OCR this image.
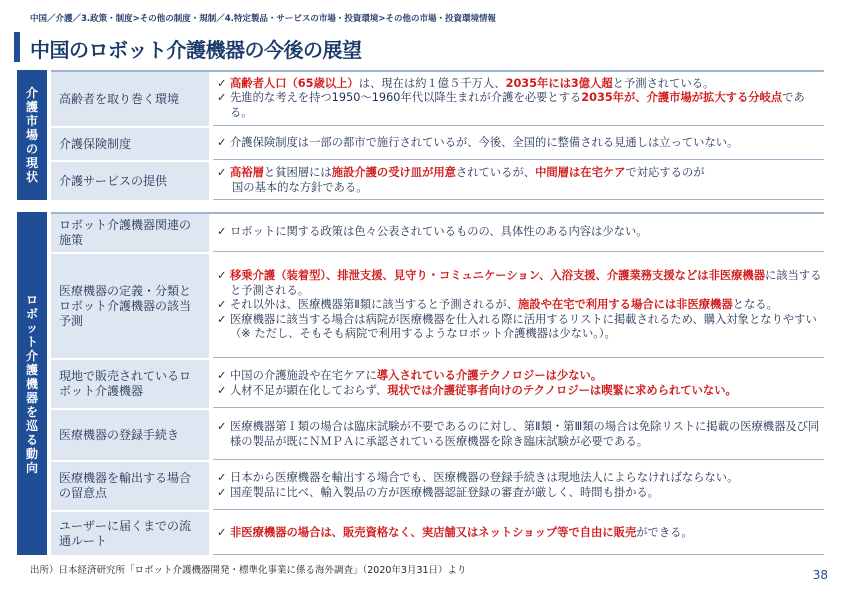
中国／介護／3.政策・制度>その他の制度・規制／4.特定製品・サービスの市場・投資環境>その他の市場・投資環境情報
中国のロボット介護機器の今後の展望
介護市場の現状
高齢者を取り巻く環境
✓ 高齢者人口（65歳以上）は、現在は約１億５千万人、2035年には3億人超と予測されている。
✓ 先進的な考えを持つ1950～1960年代以降生まれが介護を必要とする2035年が、介護市場が拡大する分岐点である。
介護保険制度	✓ 介護保険制度は一部の都市で施行されているが、今後、全国的に整備される見通しは立っていない。
介護サービスの提供
✓ 高裕層と貧困層には施設介護の受け皿が用意されているが、中間層は在宅ケアで対応するのが
国の基本的な方針である。
ロボット介護機器を巡る動向
ロボット介護機器関連の施策
✓ ロボットに関する政策は色々公表されているものの、具体性のある内容は少ない。
医療機器の定義・分類とロボット介護機器の該当予測
✓ 移乗介護（装着型）、排泄支援、見守り・コミュニケーション、入浴支援、介護業務支援などは非医療機器に該当すると予測される。
✓ それ以外は、医療機器第Ⅱ類に該当すると予測されるが、施設や在宅で利用する場合には非医療機器となる。
✓ 医療機器に該当する場合は病院が医療機器を仕入れる際に活用するリストに掲載されるため、購入対象となりやすい（※ ただし、そもそも病院で利用するようなロボット介護機器は少ない。）。
現地で販売されているロボット介護機器
✓ 中国の介護施設や在宅ケアに導入されている介護テクノロジーは少ない。
✓ 人材不足が顕在化しておらず、現状では介護従事者向けのテクノロジーは喫緊に求められていない。
医療機器の登録手続き
✓ 医療機器第Ｉ類の場合は臨床試験が不要であるのに対し、第Ⅱ類・第Ⅲ類の場合は免除リストに掲載の医療機器及び同様の製品が既にＮＭＰＡに承認されている医療機器を除き臨床試験が必要である。
医療機器を輸出する場合の留意点
✓ 日本から医療機器を輸出する場合でも、医療機器の登録手続きは現地法人によらなければならない。
✓ 国産製品に比べ、輸入製品の方が医療機器認証登録の審査が厳しく、時間も掛かる。
ユーザーに届くまでの流通ルート
✓ 非医療機器の場合は、販売資格なく、実店舗又はネットショップ等で自由に販売ができる。
出所）日本経済研究所「ロボット介護機器開発・標準化事業に係る海外調査」（2020年3月31日）より	38
